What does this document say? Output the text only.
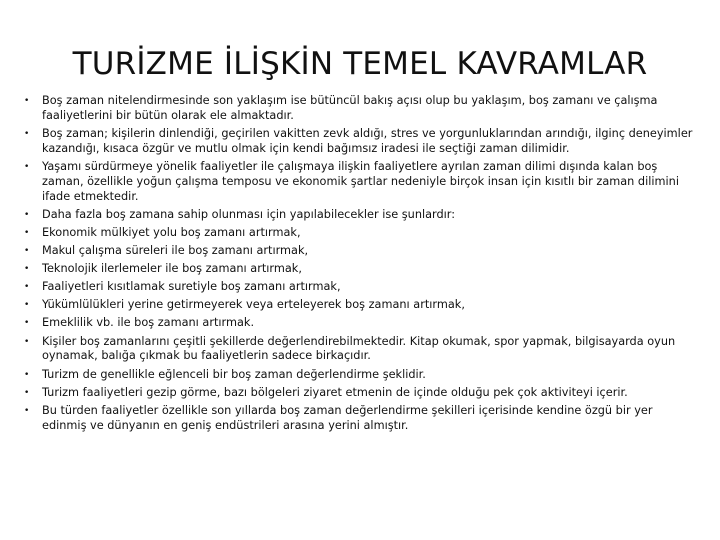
TURİZME İLİŞKİN TEMEL KAVRAMLAR
• Boş zaman nitelendirmesinde son yaklaşım ise bütüncül bakış açısı olup bu yaklaşım, boş zamanı ve çalışma faaliyetlerini bir bütün olarak ele almaktadır.
• Boş zaman; kişilerin dinlendiği, geçirilen vakitten zevk aldığı, stres ve yorgunluklarından arındığı, ilginç deneyimler kazandığı, kısaca özgür ve mutlu olmak için kendi bağımsız iradesi ile seçtiği zaman dilimidir.
• Yaşamı sürdürmeye yönelik faaliyetler ile çalışmaya ilişkin faaliyetlere ayrılan zaman dilimi dışında kalan boş zaman, özellikle yoğun çalışma temposu ve ekonomik şartlar nedeniyle birçok insan için kısıtlı bir zaman dilimini ifade etmektedir.
• Daha fazla boş zamana sahip olunması için yapılabilecekler ise şunlardır:
• Ekonomik mülkiyet yolu boş zamanı artırmak,
• Makul çalışma süreleri ile boş zamanı artırmak,
• Teknolojik ilerlemeler ile boş zamanı artırmak,
• Faaliyetleri kısıtlamak suretiyle boş zamanı artırmak,
• Yükümlülükleri yerine getirmeyerek veya erteleyerek boş zamanı artırmak,
• Emeklilik vb. ile boş zamanı artırmak.
• Kişiler boş zamanlarını çeşitli şekillerde değerlendirebilmektedir. Kitap okumak, spor yapmak, bilgisayarda oyun oynamak, balığa çıkmak bu faaliyetlerin sadece birkaçıdır.
• Turizm de genellikle eğlenceli bir boş zaman değerlendirme şeklidir.
• Turizm faaliyetleri gezip görme, bazı bölgeleri ziyaret etmenin de içinde olduğu pek çok aktiviteyi içerir.
• Bu türden faaliyetler özellikle son yıllarda boş zaman değerlendirme şekilleri içerisinde kendine özgü bir yer edinmiş ve dünyanın en geniş endüstrileri arasına yerini almıştır.
